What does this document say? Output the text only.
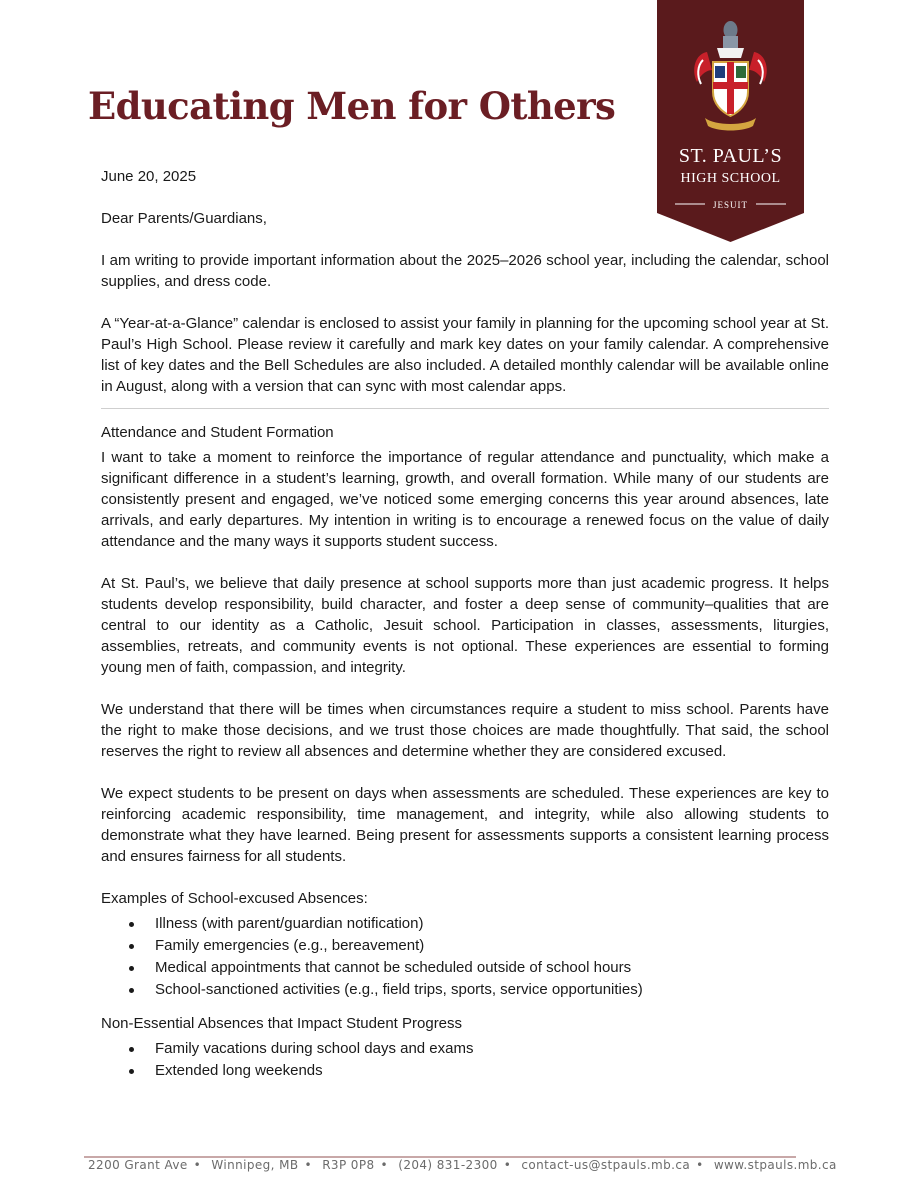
Educating Men for Others
ST. PAUL’S
HIGH SCHOOL
JESUIT

June 20, 2025

Dear Parents/Guardians,

I am writing to provide important information about the 2025–2026 school year, including the calendar, school supplies, and dress code.

A “Year-at-a-Glance” calendar is enclosed to assist your family in planning for the upcoming school year at St. Paul’s High School. Please review it carefully and mark key dates on your family calendar. A comprehensive list of key dates and the Bell Schedules are also included. A detailed monthly calendar will be available online in August, along with a version that can sync with most calendar apps.

Attendance and Student Formation

I want to take a moment to reinforce the importance of regular attendance and punctuality, which make a significant difference in a student’s learning, growth, and overall formation. While many of our students are consistently present and engaged, we’ve noticed some emerging concerns this year around absences, late arrivals, and early departures. My intention in writing is to encourage a renewed focus on the value of daily attendance and the many ways it supports student success.

At St. Paul’s, we believe that daily presence at school supports more than just academic progress. It helps students develop responsibility, build character, and foster a deep sense of community–qualities that are central to our identity as a Catholic, Jesuit school. Participation in classes, assessments, liturgies, assemblies, retreats, and community events is not optional. These experiences are essential to forming young men of faith, compassion, and integrity.

We understand that there will be times when circumstances require a student to miss school. Parents have the right to make those decisions, and we trust those choices are made thoughtfully. That said, the school reserves the right to review all absences and determine whether they are considered excused.

We expect students to be present on days when assessments are scheduled. These experiences are key to reinforcing academic responsibility, time management, and integrity, while also allowing students to demonstrate what they have learned. Being present for assessments supports a consistent learning process and ensures fairness for all students.

Examples of School-excused Absences:

Illness (with parent/guardian notification)
Family emergencies (e.g., bereavement)
Medical appointments that cannot be scheduled outside of school hours
School-sanctioned activities (e.g., field trips, sports, service opportunities)

Non-Essential Absences that Impact Student Progress

Family vacations during school days and exams
Extended long weekends
2200 Grant Ave • Winnipeg, MB • R3P 0P8 • (204) 831-2300 • contact-us@stpauls.mb.ca • www.stpauls.mb.ca
